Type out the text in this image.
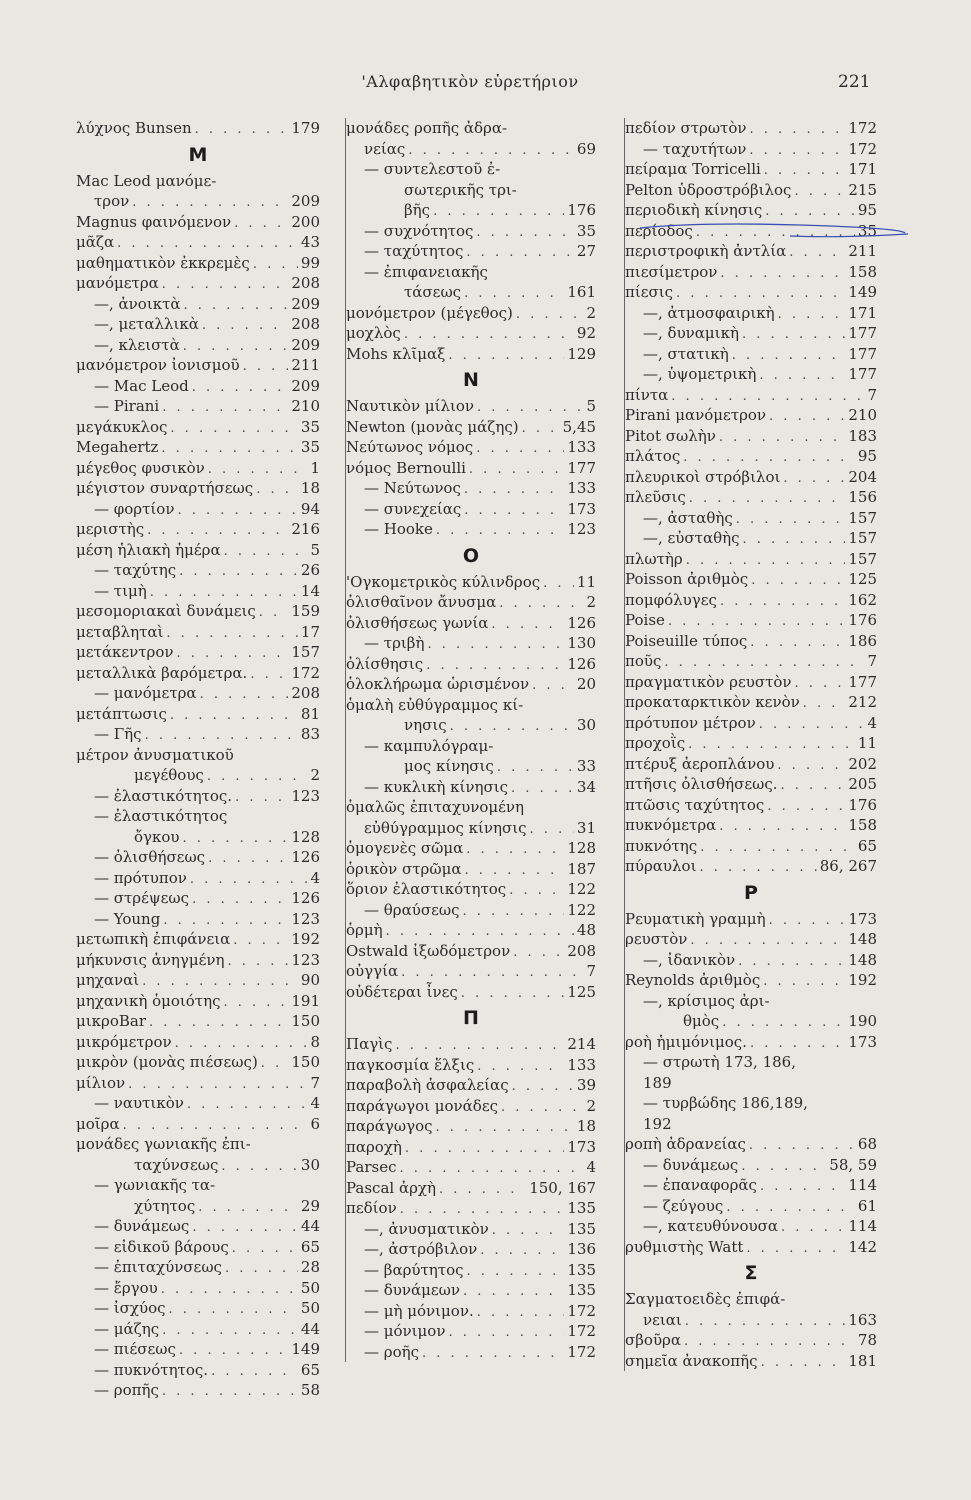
'Αλφαβητικὸν εὑρετήριον	221
λύχνος Bunsen . . .	179
M
Mac Leod μανόμε-
τρον . . .	209
Magnus φαινόμενον . . .	200
μᾶζα . . .	43
μαθηματικὸν ἐκκρεμὲς . . .	99
μανόμετρα . . .	208
—, ἀνοικτὰ . . .	209
—, μεταλλικὰ . . .	208
—, κλειστὰ . . .	209
μανόμετρον ἰονισμοῦ . . .	211
— Mac Leod . . .	209
— Pirani . . .	210
μεγάκυκλος . . .	35
Megahertz . . .	35
μέγεθος φυσικὸν . . .	1
μέγιστον συναρτήσεως . . .	18
— φορτίον . . .	94
μεριστὴς . . .	216
μέση ἡλιακὴ ἡμέρα . . .	5
— ταχύτης . . .	26
— τιμὴ . . .	14
μεσομοριακαὶ δυνάμεις . . . 159
μεταβληταὶ . . .	17
μετάκεντρον . . .	157
μεταλλικὰ βαρόμετρα. . . .	172
— μανόμετρα . . .	208
μετάπτωσις . . .	81
— Γῆς . . .	83
μέτρον ἀνυσματικοῦ
μεγέθους . . .	2
— ἐλαστικότητος. . . .	123
— ἐλαστικότητος
ὄγκου . . .	128
— ὀλισθήσεως . . .	126
— πρότυπον . . .	4
— στρέψεως . . .	126
— Young . . .	123
μετωπικὴ ἐπιφάνεια . . .	192
μήκυνσις ἀνηγμένη . . .	123
μηχαναὶ . . .	90
μηχανικὴ ὁμοιότης . . .	191
μικροBar . . .	150
μικρόμετρον . . .	8
μικρὸν (μονὰς πιέσεως) . . . 150
μίλιον . . .	7
— ναυτικὸν . . .	4
μοῖρα . . .	6
μονάδες γωνιακῆς ἐπι-
ταχύνσεως . . .	30
— γωνιακῆς τα-
χύτητος . . .	29
— δυνάμεως . . .	44
— εἰδικοῦ βάρους . . .	65
— ἐπιταχύνσεως . . .	28
— ἔργου . . .	50
— ἰσχύος . . .	50
— μάζης . . .	44
— πιέσεως . . .	149
— πυκνότητος. . . .	65
— ροπῆς . . .	58
μονάδες ροπῆς ἀδρα-
νείας . . .	69
— συντελεστοῦ ἐ-
σωτερικῆς τρι-
βῆς . . .	176
— συχνότητος . . .	35
— ταχύτητος . . .	27
— ἐπιφανειακῆς
τάσεως . . .	161
μονόμετρον (μέγεθος) . . .	2
μοχλὸς . . .	92
Mohs κλῖμαξ . . .	129
N
Ναυτικὸν μίλιον . . .	5
Newton (μονὰς μάζης) . . .	5,45
Νεύτωνος νόμος . . .	133
νόμος Bernoulli . . .	177
— Νεύτωνος . . .	133
— συνεχείας . . .	173
— Hooke . . .	123
O
'Ογκομετρικὸς κύλινδρος . . . 11
ὀλισθαῖνον ἄνυσμα . . .	2
ὀλισθήσεως γωνία . . .	126
— τριβὴ . . .	130
ὀλίσθησις . . .	126
ὁλοκλήρωμα ὡρισμένον . . .	20
ὁμαλὴ εὐθύγραμμος κί-
νησις . . .	30
— καμπυλόγραμ-
μος κίνησις . . .	33
— κυκλικὴ κίνησις . . .	34
ὁμαλῶς ἐπιταχυνομένη
εὐθύγραμμος κίνησις . . .	31
ὁμογενὲς σῶμα . . .	128
ὁρικὸν στρῶμα . . .	187
ὅριον ἐλαστικότητος . . .	122
— θραύσεως . . .	122
ὁρμὴ . . .	48
Ostwald ἰξωδόμετρον . . .	208
οὐγγία . . .	7
οὐδέτεραι ἶνες . . .	125
Π
Παγὶς . . .	214
παγκοσμία ἕλξις . . .	133
παραβολὴ ἀσφαλείας . . .	39
παράγωγοι μονάδες . . .	2
παράγωγος . . .	18
παροχὴ . . .	173
Parsec . . .	4
Pascal ἀρχὴ . . .	150, 167
πεδίον . . .	135
—, ἀνυσματικὸν . . .	135
—, ἀστρόβιλον . . .	136
— βαρύτητος . . .	135
— δυνάμεων . . .	135
— μὴ μόνιμον. . . .	172
— μόνιμον . . .	172
— ροῆς . . .	172
πεδίον στρωτὸν . . .	172
— ταχυτήτων . . .	172
πείραμα Torricelli . . .	171
Pelton ὑδροστρόβιλος . . .	215
περιοδικὴ κίνησις . . .	95
περίοδος . . .	35
περιστροφικὴ ἀντλία . . .	211
πιεσίμετρον . . .	158
πίεσις . . .	149
—, ἀτμοσφαιρικὴ . . .	171
—, δυναμικὴ . . .	177
—, στατικὴ . . .	177
—, ὑψομετρικὴ . . .	177
πίντα . . .	7
Pirani μανόμετρον . . .	210
Pitot σωλὴν . . .	183
πλάτος . . .	95
πλευρικοὶ στρόβιλοι . . .	204
πλεῦσις . . .	156
—, ἀσταθὴς . . .	157
—, εὐσταθὴς . . .	157
πλωτὴρ . . .	157
Poisson ἀριθμὸς . . .	125
πομφόλυγες . . .	162
Poise . . .	176
Poiseuille τύπος . . .	186
ποῦς . . .	7
πραγματικὸν ρευστὸν . . .	177
προκαταρκτικὸν κενὸν . . .	212
πρότυπον μέτρον . . .	4
προχοῒς . . .	11
πτέρυξ ἀεροπλάνου . . .	202
πτῆσις ὀλισθήσεως. . . .	205
πτῶσις ταχύτητος . . .	176
πυκνόμετρα . . .	158
πυκνότης . . .	65
πύραυλοι . . .	86, 267
P
Ρευματικὴ γραμμὴ . . .	173
ρευστὸν . . .	148
—, ἰδανικὸν . . .	148
Reynolds ἀριθμὸς . . .	192
—, κρίσιμος ἀρι-
θμὸς . . .	190
ροὴ ἡμιμόνιμος. . . .	173
— στρωτὴ 173, 186,
189
— τυρβώδης 186,189,
192
ροπὴ ἀδρανείας . . .	68
— δυνάμεως . . .	58, 59
— ἐπαναφορᾶς . . .	114
— ζεύγους . . .	61
—, κατευθύνουσα . . .	114
ρυθμιστὴς Watt . . .	142
Σ
Σαγματοειδὲς ἐπιφά-
νειαι . . .	163
σβοῦρα . . .	78
σημεῖα ἀνακοπῆς . . .	181
